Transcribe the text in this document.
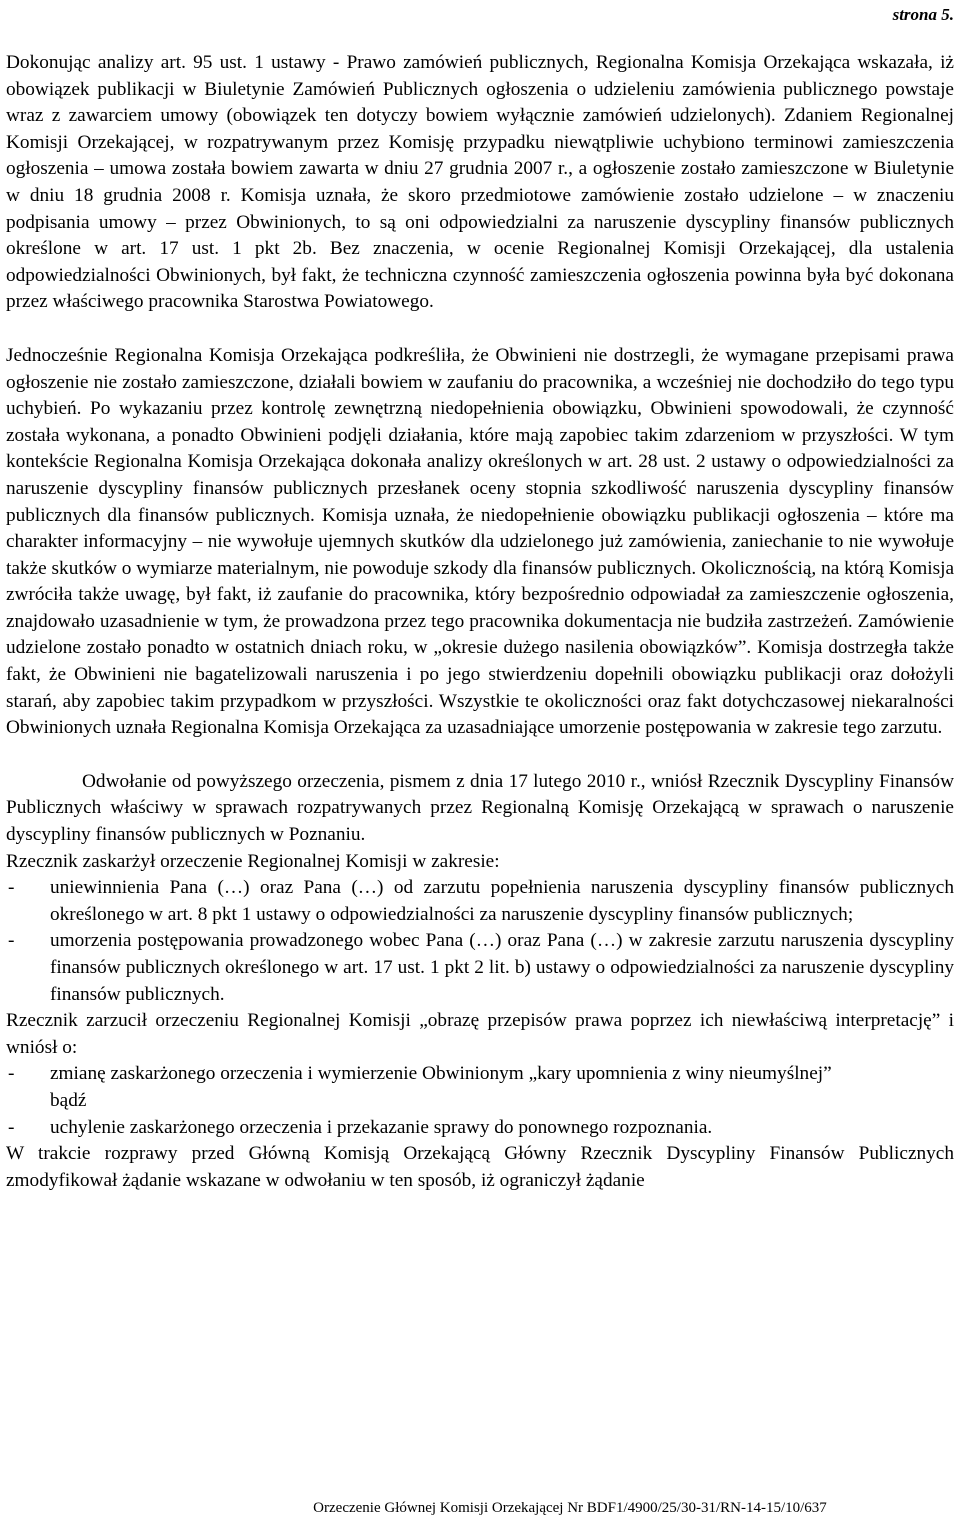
strona 5.

Dokonując analizy art. 95 ust. 1 ustawy - Prawo zamówień publicznych, Regionalna Komisja Orzekająca wskazała, iż obowiązek publikacji w Biuletynie Zamówień Publicznych ogłoszenia o udzieleniu zamówienia publicznego powstaje wraz z zawarciem umowy (obowiązek ten dotyczy bowiem wyłącznie zamówień udzielonych). Zdaniem Regionalnej Komisji Orzekającej, w rozpatrywanym przez Komisję przypadku niewątpliwie uchybiono terminowi zamieszczenia ogłoszenia – umowa została bowiem zawarta w dniu 27 grudnia 2007 r., a ogłoszenie zostało zamieszczone w Biuletynie w dniu 18 grudnia 2008 r. Komisja uznała, że skoro przedmiotowe zamówienie zostało udzielone – w znaczeniu podpisania umowy – przez Obwinionych, to są oni odpowiedzialni za naruszenie dyscypliny finansów publicznych określone w art. 17 ust. 1 pkt 2b. Bez znaczenia, w ocenie Regionalnej Komisji Orzekającej, dla ustalenia odpowiedzialności Obwinionych, był fakt, że techniczna czynność zamieszczenia ogłoszenia powinna była być dokonana przez właściwego pracownika Starostwa Powiatowego.

Jednocześnie Regionalna Komisja Orzekająca podkreśliła, że Obwinieni nie dostrzegli, że wymagane przepisami prawa ogłoszenie nie zostało zamieszczone, działali bowiem w zaufaniu do pracownika, a wcześniej nie dochodziło do tego typu uchybień. Po wykazaniu przez kontrolę zewnętrzną niedopełnienia obowiązku, Obwinieni spowodowali, że czynność została wykonana, a ponadto Obwinieni podjęli działania, które mają zapobiec takim zdarzeniom w przyszłości. W tym kontekście Regionalna Komisja Orzekająca dokonała analizy określonych w art. 28 ust. 2 ustawy o odpowiedzialności za naruszenie dyscypliny finansów publicznych przesłanek oceny stopnia szkodliwość naruszenia dyscypliny finansów publicznych dla finansów publicznych. Komisja uznała, że niedopełnienie obowiązku publikacji ogłoszenia – które ma charakter informacyjny – nie wywołuje ujemnych skutków dla udzielonego już zamówienia, zaniechanie to nie wywołuje także skutków o wymiarze materialnym, nie powoduje szkody dla finansów publicznych. Okolicznością, na którą Komisja zwróciła także uwagę, był fakt, iż zaufanie do pracownika, który bezpośrednio odpowiadał za zamieszczenie ogłoszenia, znajdowało uzasadnienie w tym, że prowadzona przez tego pracownika dokumentacja nie budziła zastrzeżeń. Zamówienie udzielone zostało ponadto w ostatnich dniach roku, w „okresie dużego nasilenia obowiązków”. Komisja dostrzegła także fakt, że Obwinieni nie bagatelizowali naruszenia i po jego stwierdzeniu dopełnili obowiązku publikacji oraz dołożyli starań, aby zapobiec takim przypadkom w przyszłości. Wszystkie te okoliczności oraz fakt dotychczasowej niekaralności Obwinionych uznała Regionalna Komisja Orzekająca za uzasadniające umorzenie postępowania w zakresie tego zarzutu.

Odwołanie od powyższego orzeczenia, pismem z dnia 17 lutego 2010 r., wniósł Rzecznik Dyscypliny Finansów Publicznych właściwy w sprawach rozpatrywanych przez Regionalną Komisję Orzekającą w sprawach o naruszenie dyscypliny finansów publicznych w Poznaniu.

Rzecznik zaskarżył orzeczenie Regionalnej Komisji w zakresie:

- uniewinnienia Pana (…) oraz Pana (…) od zarzutu popełnienia naruszenia dyscypliny finansów publicznych określonego w art. 8 pkt 1 ustawy o odpowiedzialności za naruszenie dyscypliny finansów publicznych;
- umorzenia postępowania prowadzonego wobec Pana (…) oraz Pana (…) w zakresie zarzutu naruszenia dyscypliny finansów publicznych określonego w art. 17 ust. 1 pkt 2 lit. b) ustawy o odpowiedzialności za naruszenie dyscypliny finansów publicznych.

Rzecznik zarzucił orzeczeniu Regionalnej Komisji „obrazę przepisów prawa poprzez ich niewłaściwą interpretację” i wniósł o:

- zmianę zaskarżonego orzeczenia i wymierzenie Obwinionym „kary upomnienia z winy nieumyślnej”

bądź

- uchylenie zaskarżonego orzeczenia i przekazanie sprawy do ponownego rozpoznania.

W trakcie rozprawy przed Główną Komisją Orzekającą Główny Rzecznik Dyscypliny Finansów Publicznych zmodyfikował żądanie wskazane w odwołaniu w ten sposób, iż ograniczył żądanie

Orzeczenie Głównej Komisji Orzekającej Nr BDF1/4900/25/30-31/RN-14-15/10/637
